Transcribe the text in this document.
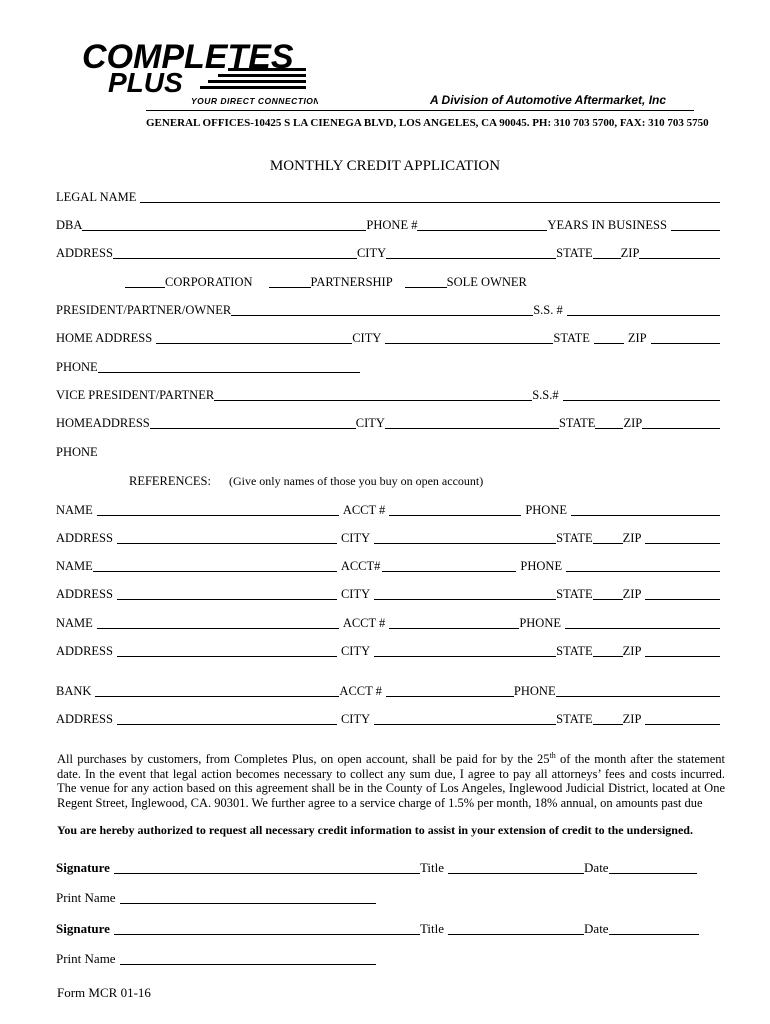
COMPLETES
PLUS
YOUR DIRECT CONNECTION	A Division of Automotive Aftermarket, Inc
GENERAL OFFICES-10425 S LA CIENEGA BLVD, LOS ANGELES, CA 90045. PH: 310 703 5700, FAX: 310 703 5750
MONTHLY CREDIT APPLICATION
LEGAL NAME
DBA	PHONE #	YEARS IN BUSINESS
ADDRESS	CITY	STATE ZIP
CORPORATION	PARTNERSHIP	SOLE OWNER
PRESIDENT/PARTNER/OWNER	S.S. #
HOME ADDRESS	CITY	STATE	ZIP
PHONE
VICE PRESIDENT/PARTNER	S.S.#
HOMEADDRESS	CITY	STATE ZIP
PHONE
REFERENCES: (Give only names of those you buy on open account)
NAME	ACCT #	PHONE
ADDRESS	CITY	STATE ZIP
NAME	ACCT#	PHONE
ADDRESS	CITY	STATE ZIP
NAME	ACCT #	PHONE
ADDRESS	CITY	STATE ZIP
BANK	ACCT #	PHONE
ADDRESS	CITY	STATE ZIP
All purchases by customers, from Completes Plus, on open account, shall be paid for by the 25th of the month after the statement date. In the event that legal action becomes necessary to collect any sum due, I agree to pay all attorneys’ fees and costs incurred. The venue for any action based on this agreement shall be in the County of Los Angeles, Inglewood Judicial District, located at One Regent Street, Inglewood, CA. 90301. We further agree to a service charge of 1.5% per month, 18% annual, on amounts past due
You are hereby authorized to request all necessary credit information to assist in your extension of credit to the undersigned.
Signature	Title	Date
Print Name
Signature	Title	Date
Print Name
Form MCR 01-16
